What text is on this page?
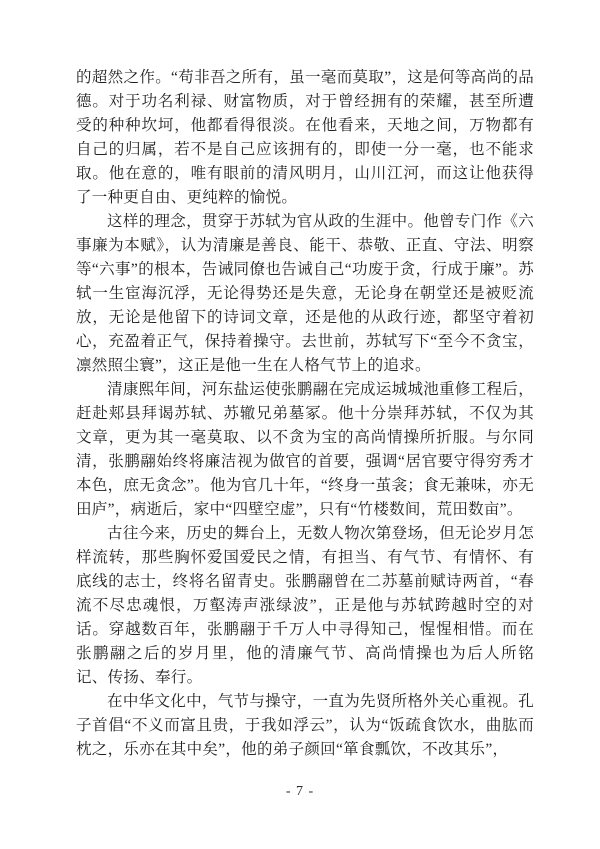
的超然之作。“苟非吾之所有，虽一毫而莫取”，这是何等高尚的品德。对于功名利禄、财富物质，对于曾经拥有的荣耀，甚至所遭受的种种坎坷，他都看得很淡。在他看来，天地之间，万物都有自己的归属，若不是自己应该拥有的，即使一分一毫，也不能求取。他在意的，唯有眼前的清风明月，山川江河，而这让他获得了一种更自由、更纯粹的愉悦。

这样的理念，贯穿于苏轼为官从政的生涯中。他曾专门作《六事廉为本赋》，认为清廉是善良、能干、恭敬、正直、守法、明察等“六事”的根本，告诫同僚也告诫自己“功废于贪，行成于廉”。苏轼一生宦海沉浮，无论得势还是失意，无论身在朝堂还是被贬流放，无论是他留下的诗词文章，还是他的从政行迹，都坚守着初心，充盈着正气，保持着操守。去世前，苏轼写下“至今不贪宝，凛然照尘寰”，这正是他一生在人格气节上的追求。

清康熙年间，河东盐运使张鹏翮在完成运城城池重修工程后，赶赴郏县拜谒苏轼、苏辙兄弟墓冢。他十分崇拜苏轼，不仅为其文章，更为其一毫莫取、以不贪为宝的高尚情操所折服。与尔同清，张鹏翮始终将廉洁视为做官的首要，强调“居官要守得穷秀才本色，庶无贪念”。他为官几十年，“终身一茧衾；食无兼味，亦无田庐”，病逝后，家中“四壁空虚”，只有“竹楼数间，荒田数亩”。

古往今来，历史的舞台上，无数人物次第登场，但无论岁月怎样流转，那些胸怀爱国爱民之情，有担当、有气节、有情怀、有底线的志士，终将名留青史。张鹏翮曾在二苏墓前赋诗两首，“春流不尽忠魂恨，万壑涛声涨绿波”，正是他与苏轼跨越时空的对话。穿越数百年，张鹏翮于千万人中寻得知己，惺惺相惜。而在张鹏翮之后的岁月里，他的清廉气节、高尚情操也为后人所铭记、传扬、奉行。

在中华文化中，气节与操守，一直为先贤所格外关心重视。孔子首倡“不义而富且贵，于我如浮云”，认为“饭疏食饮水，曲肱而枕之，乐亦在其中矣”，他的弟子颜回“箪食瓢饮，不改其乐”，

- 7 -
